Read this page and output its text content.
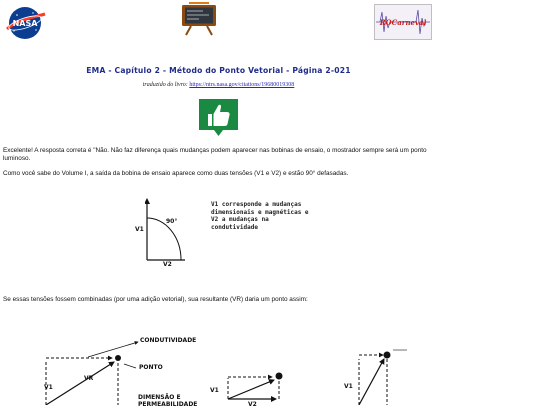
NASA	ROCarneval
EMA - Capítulo 2 - Método do Ponto Vetorial - Página 2-021
traduzido do livro: https://ntrs.nasa.gov/citations/19680019308
Excelente! A resposta correta é "Não. Não faz diferença quais mudanças podem aparecer nas bobinas de ensaio, o mostrador sempre será um ponto luminoso.
Como você sabe do Volume I, a saída da bobina de ensaio aparece como duas tensões (V1 e V2) e estão 90° defasadas.
V1
V2
90°
V1 corresponde a mudanças dimensionais e magnéticas e V2 a mudanças na condutividade
Se essas tensões fossem combinadas (por uma adição vetorial), sua resultante (VR) daria um ponto assim:
CONDUTIVIDADE
PONTO
VR
V1
DIMENSÃO E
PERMEABILIDADE
V1
V2
V1
